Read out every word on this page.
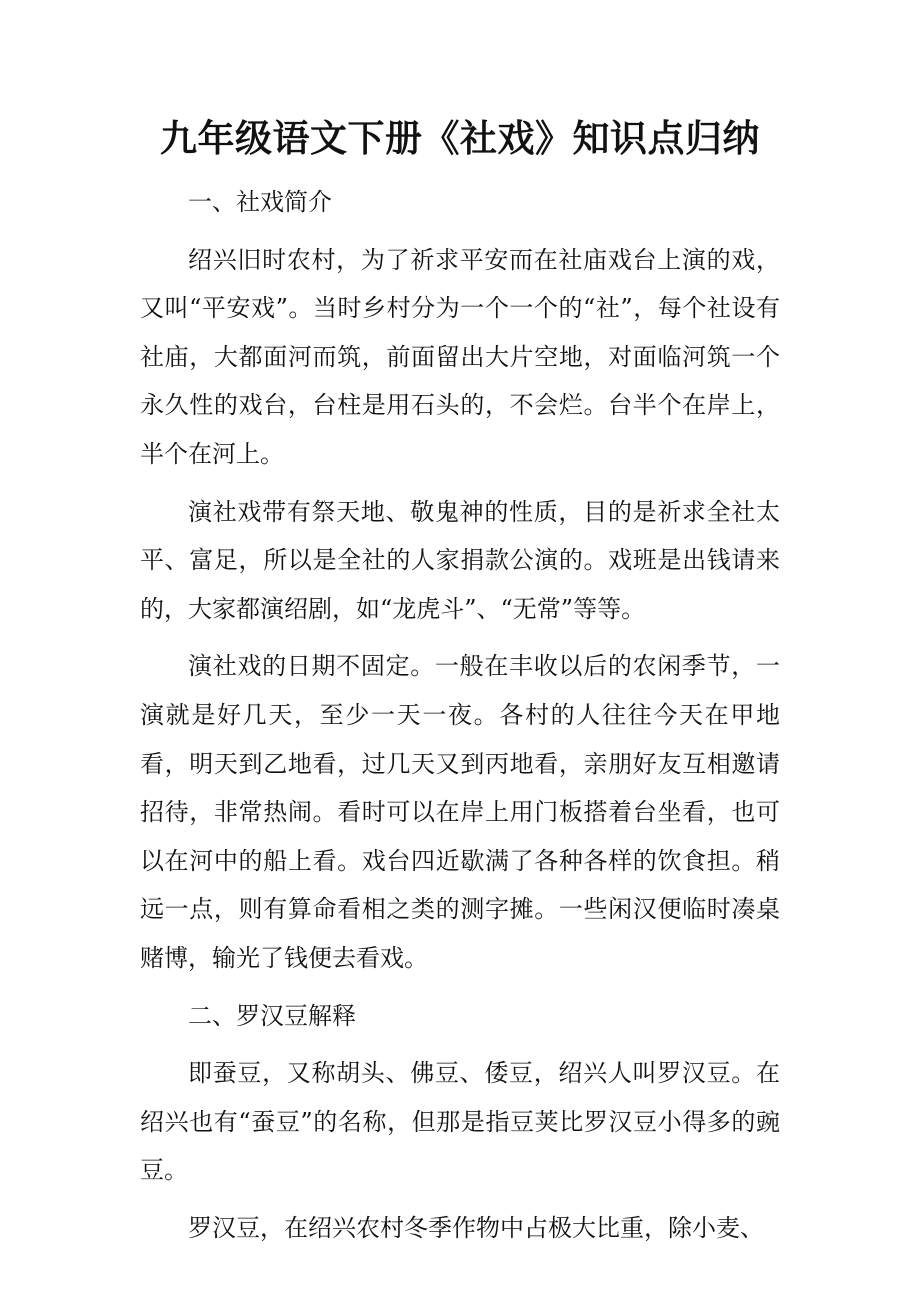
九年级语文下册《社戏》知识点归纳

一、社戏简介

绍兴旧时农村，为了祈求平安而在社庙戏台上演的戏，又叫“平安戏”。当时乡村分为一个一个的“社”，每个社设有社庙，大都面河而筑，前面留出大片空地，对面临河筑一个永久性的戏台，台柱是用石头的，不会烂。台半个在岸上，半个在河上。

演社戏带有祭天地、敬鬼神的性质，目的是祈求全社太平、富足，所以是全社的人家捐款公演的。戏班是出钱请来的，大家都演绍剧，如“龙虎斗”、“无常”等等。

演社戏的日期不固定。一般在丰收以后的农闲季节，一演就是好几天，至少一天一夜。各村的人往往今天在甲地看，明天到乙地看，过几天又到丙地看，亲朋好友互相邀请招待，非常热闹。看时可以在岸上用门板搭着台坐看，也可以在河中的船上看。戏台四近歇满了各种各样的饮食担。稍远一点，则有算命看相之类的测字摊。一些闲汉便临时凑桌赌博，输光了钱便去看戏。

二、罗汉豆解释

即蚕豆，又称胡头、佛豆、倭豆，绍兴人叫罗汉豆。在绍兴也有“蚕豆”的名称，但那是指豆荚比罗汉豆小得多的豌豆。

罗汉豆，在绍兴农村冬季作物中占极大比重，除小麦、
